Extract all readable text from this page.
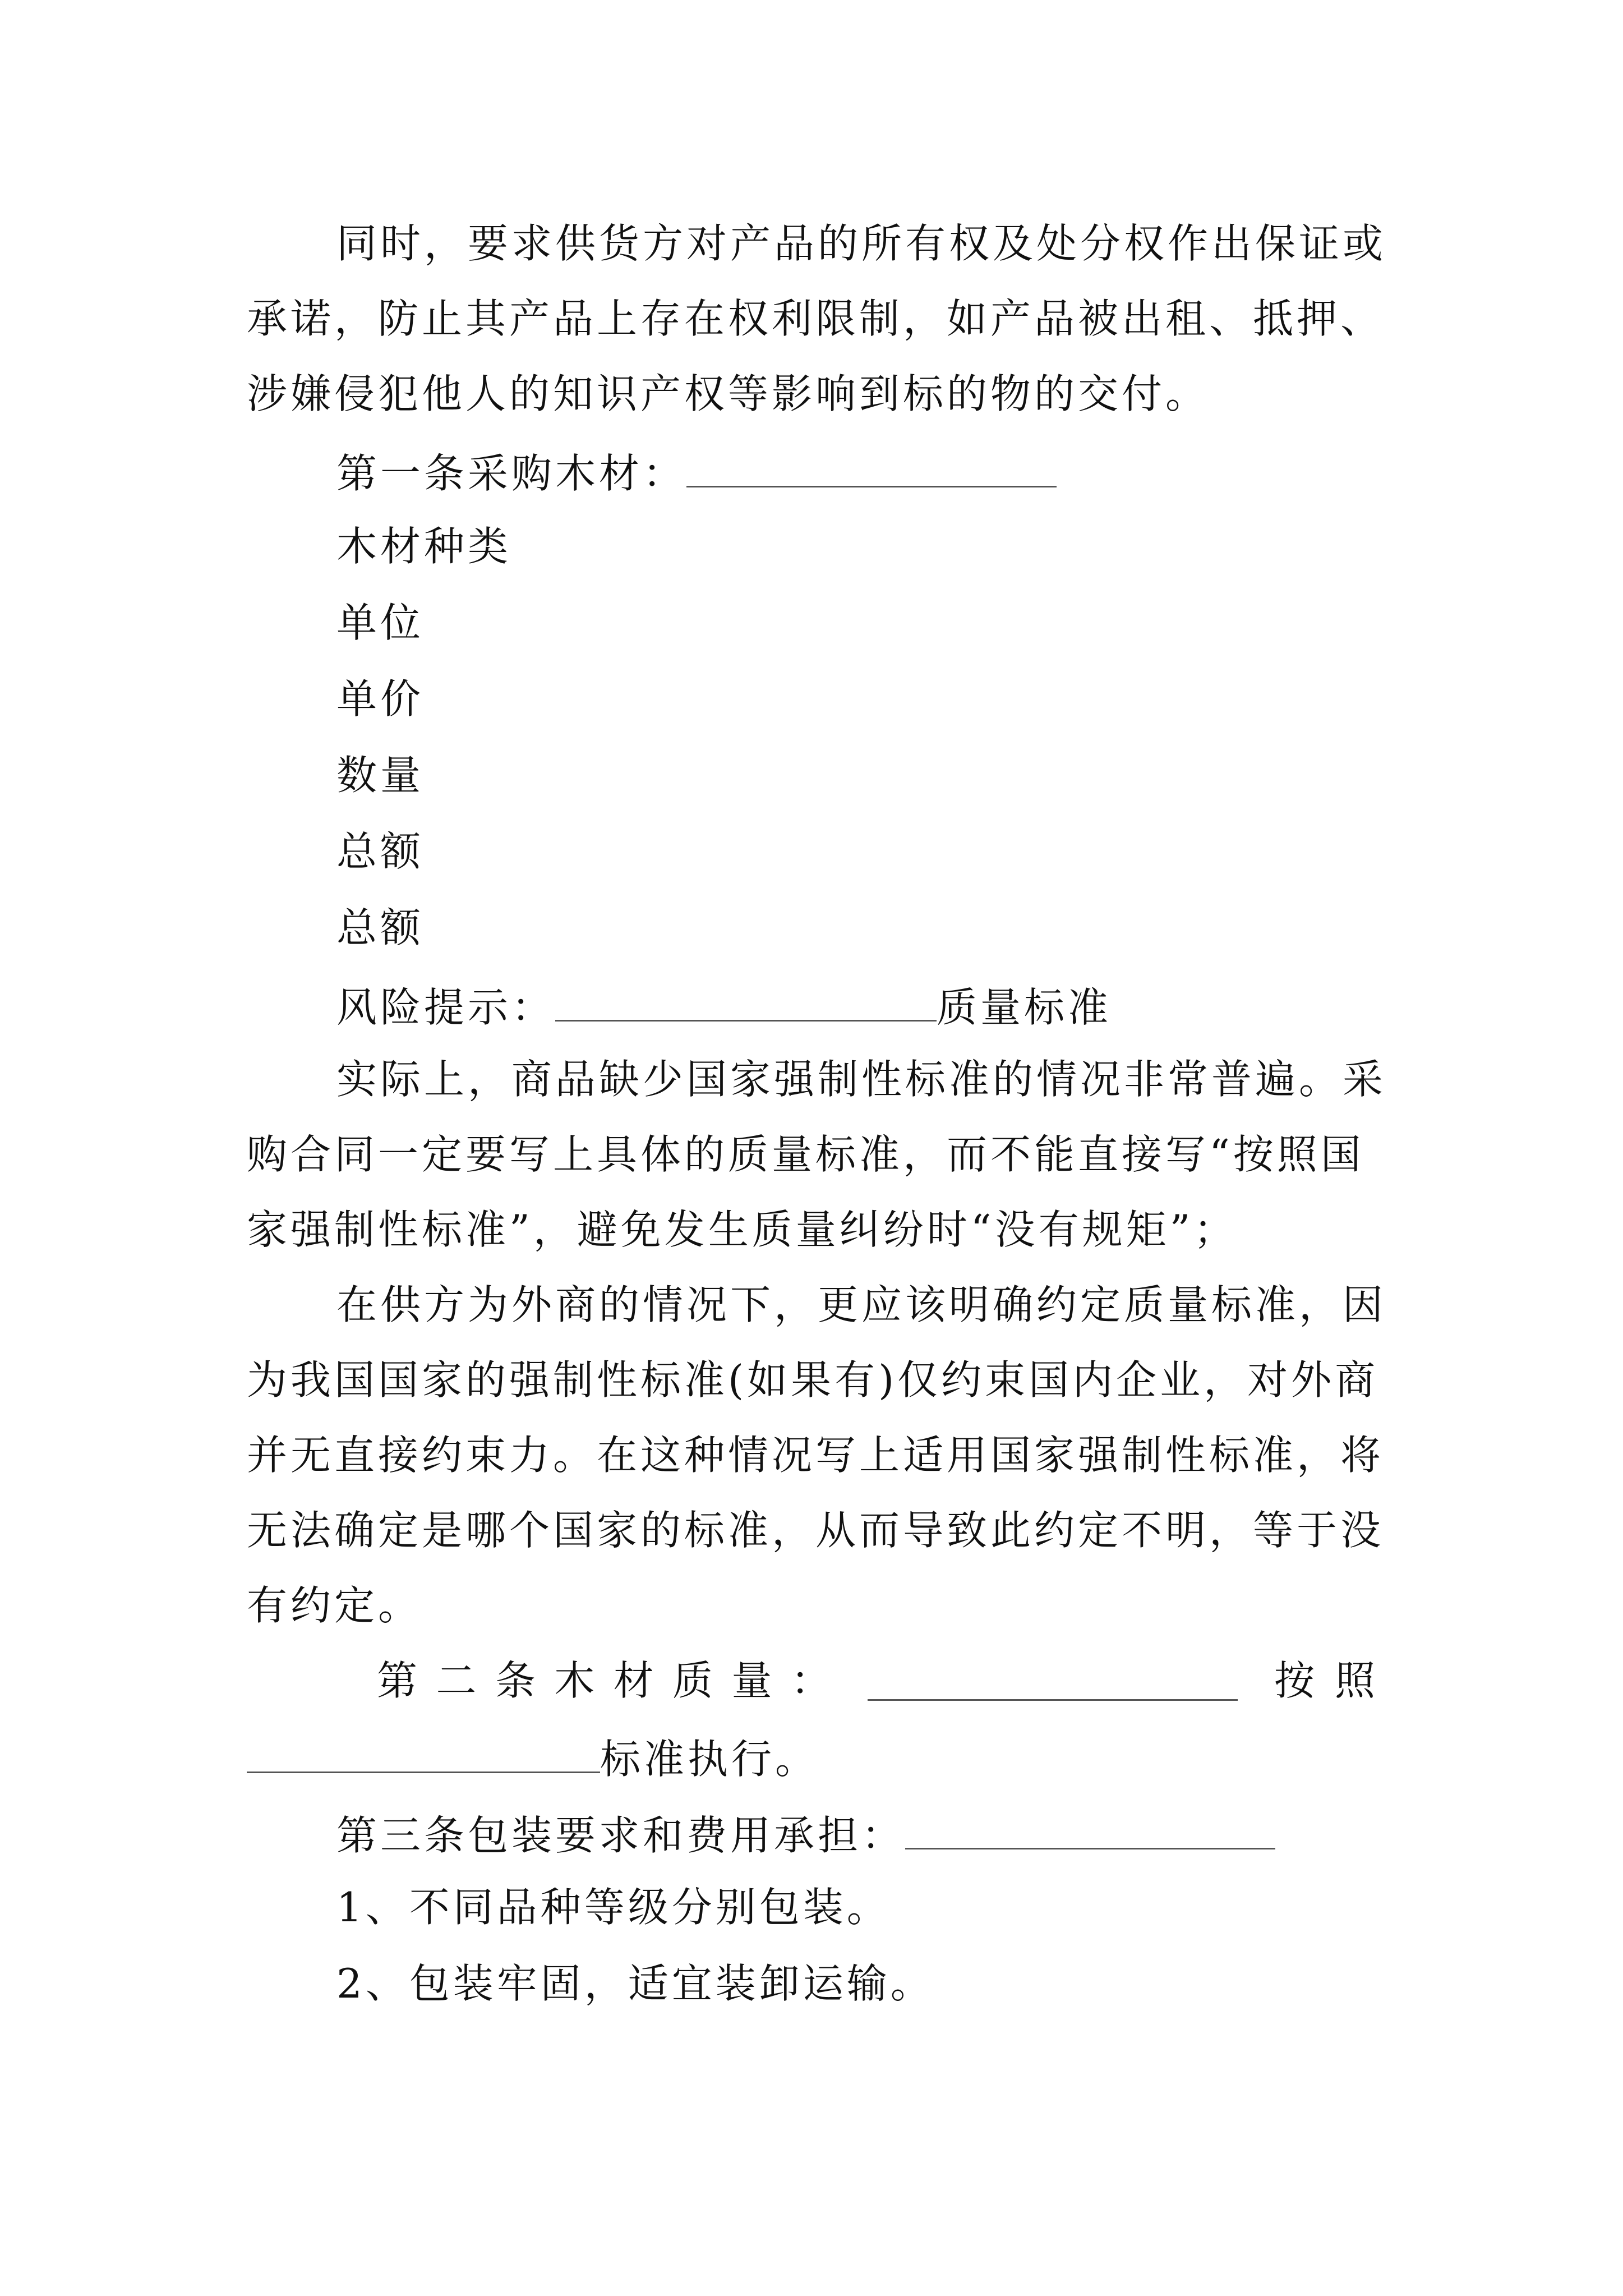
同时，要求供货方对产品的所有权及处分权作出保证或
承诺，防止其产品上存在权利限制，如产品被出租、抵押、
涉嫌侵犯他人的知识产权等影响到标的物的交付。
第一条采购木材：
木材种类
单位
单价
数量
总额
总额
风险提示：	质量标准
实际上，商品缺少国家强制性标准的情况非常普遍。采
购合同一定要写上具体的质量标准，而不能直接写“按照国
家强制性标准”，避免发生质量纠纷时“没有规矩”；
在供方为外商的情况下，更应该明确约定质量标准，因
为我国国家的强制性标准(如果有)仅约束国内企业，对外商
并无直接约束力。在这种情况写上适用国家强制性标准，将
无法确定是哪个国家的标准，从而导致此约定不明，等于没
有约定。
第 二 条 木 材 质 量 ：	按 照
标准执行。
第三条包装要求和费用承担：
1、不同品种等级分别包装。
2、包装牢固，适宜装卸运输。
